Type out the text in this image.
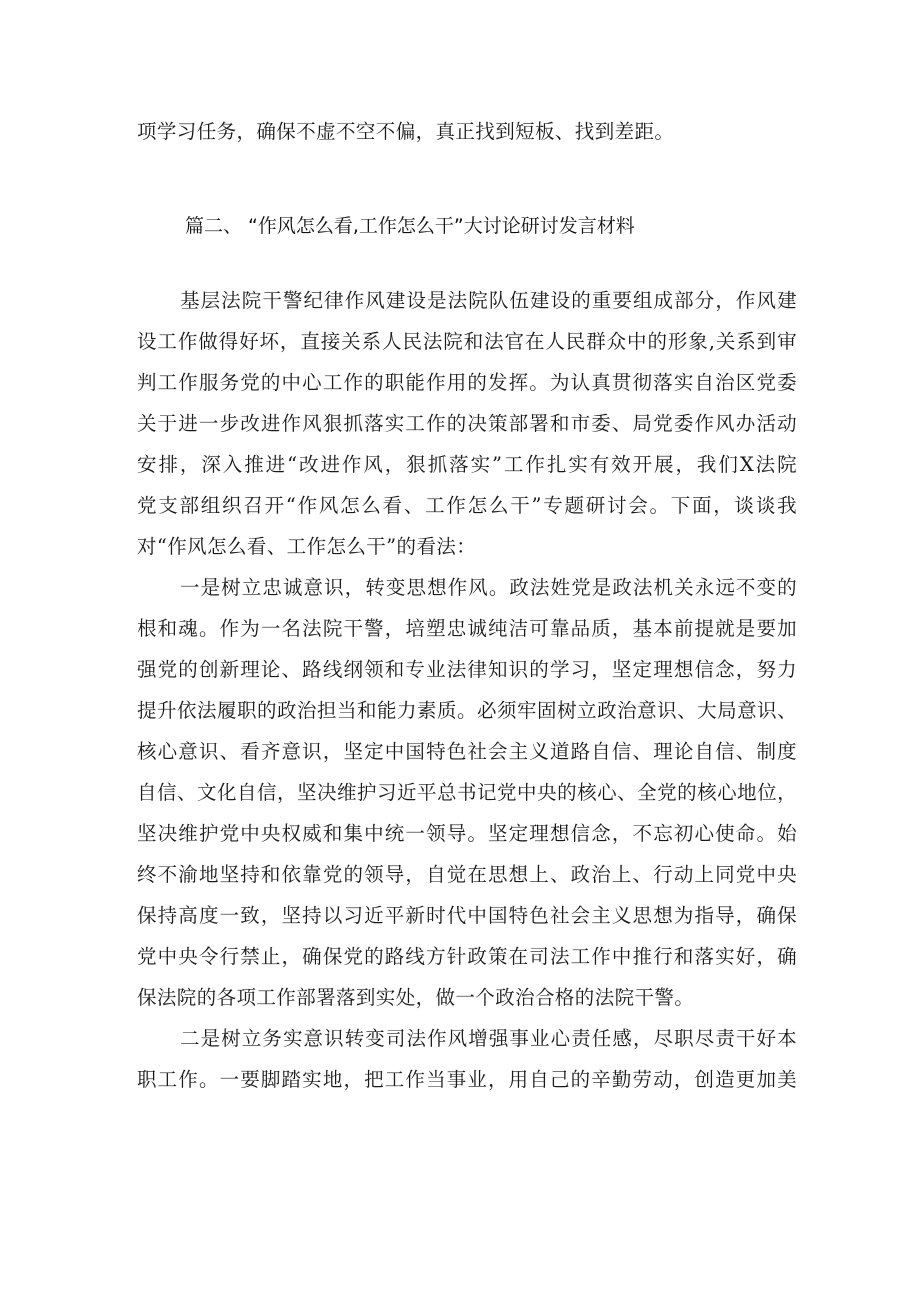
项学习任务，确保不虚不空不偏，真正找到短板、找到差距。
篇二、 “作风怎么看,工作怎么干”大讨论研讨发言材料
基层法院干警纪律作风建设是法院队伍建设的重要组成部分，作风建
设工作做得好坏，直接关系人民法院和法官在人民群众中的形象,关系到审
判工作服务党的中心工作的职能作用的发挥。为认真贯彻落实自治区党委
关于进一步改进作风狠抓落实工作的决策部署和市委、局党委作风办活动
安排，深入推进“改进作风，狠抓落实”工作扎实有效开展，我们X法院
党支部组织召开“作风怎么看、工作怎么干”专题研讨会。下面，谈谈我
对“作风怎么看、工作怎么干”的看法：
一是树立忠诚意识，转变思想作风。政法姓党是政法机关永远不变的
根和魂。作为一名法院干警，培塑忠诚纯洁可靠品质，基本前提就是要加
强党的创新理论、路线纲领和专业法律知识的学习，坚定理想信念，努力
提升依法履职的政治担当和能力素质。必须牢固树立政治意识、大局意识、
核心意识、看齐意识，坚定中国特色社会主义道路自信、理论自信、制度
自信、文化自信，坚决维护习近平总书记党中央的核心、全党的核心地位，
坚决维护党中央权威和集中统一领导。坚定理想信念，不忘初心使命。始
终不渝地坚持和依靠党的领导，自觉在思想上、政治上、行动上同党中央
保持高度一致，坚持以习近平新时代中国特色社会主义思想为指导，确保
党中央令行禁止，确保党的路线方针政策在司法工作中推行和落实好，确
保法院的各项工作部署落到实处，做一个政治合格的法院干警。
二是树立务实意识转变司法作风增强事业心责任感，尽职尽责干好本
职工作。一要脚踏实地，把工作当事业，用自己的辛勤劳动，创造更加美
